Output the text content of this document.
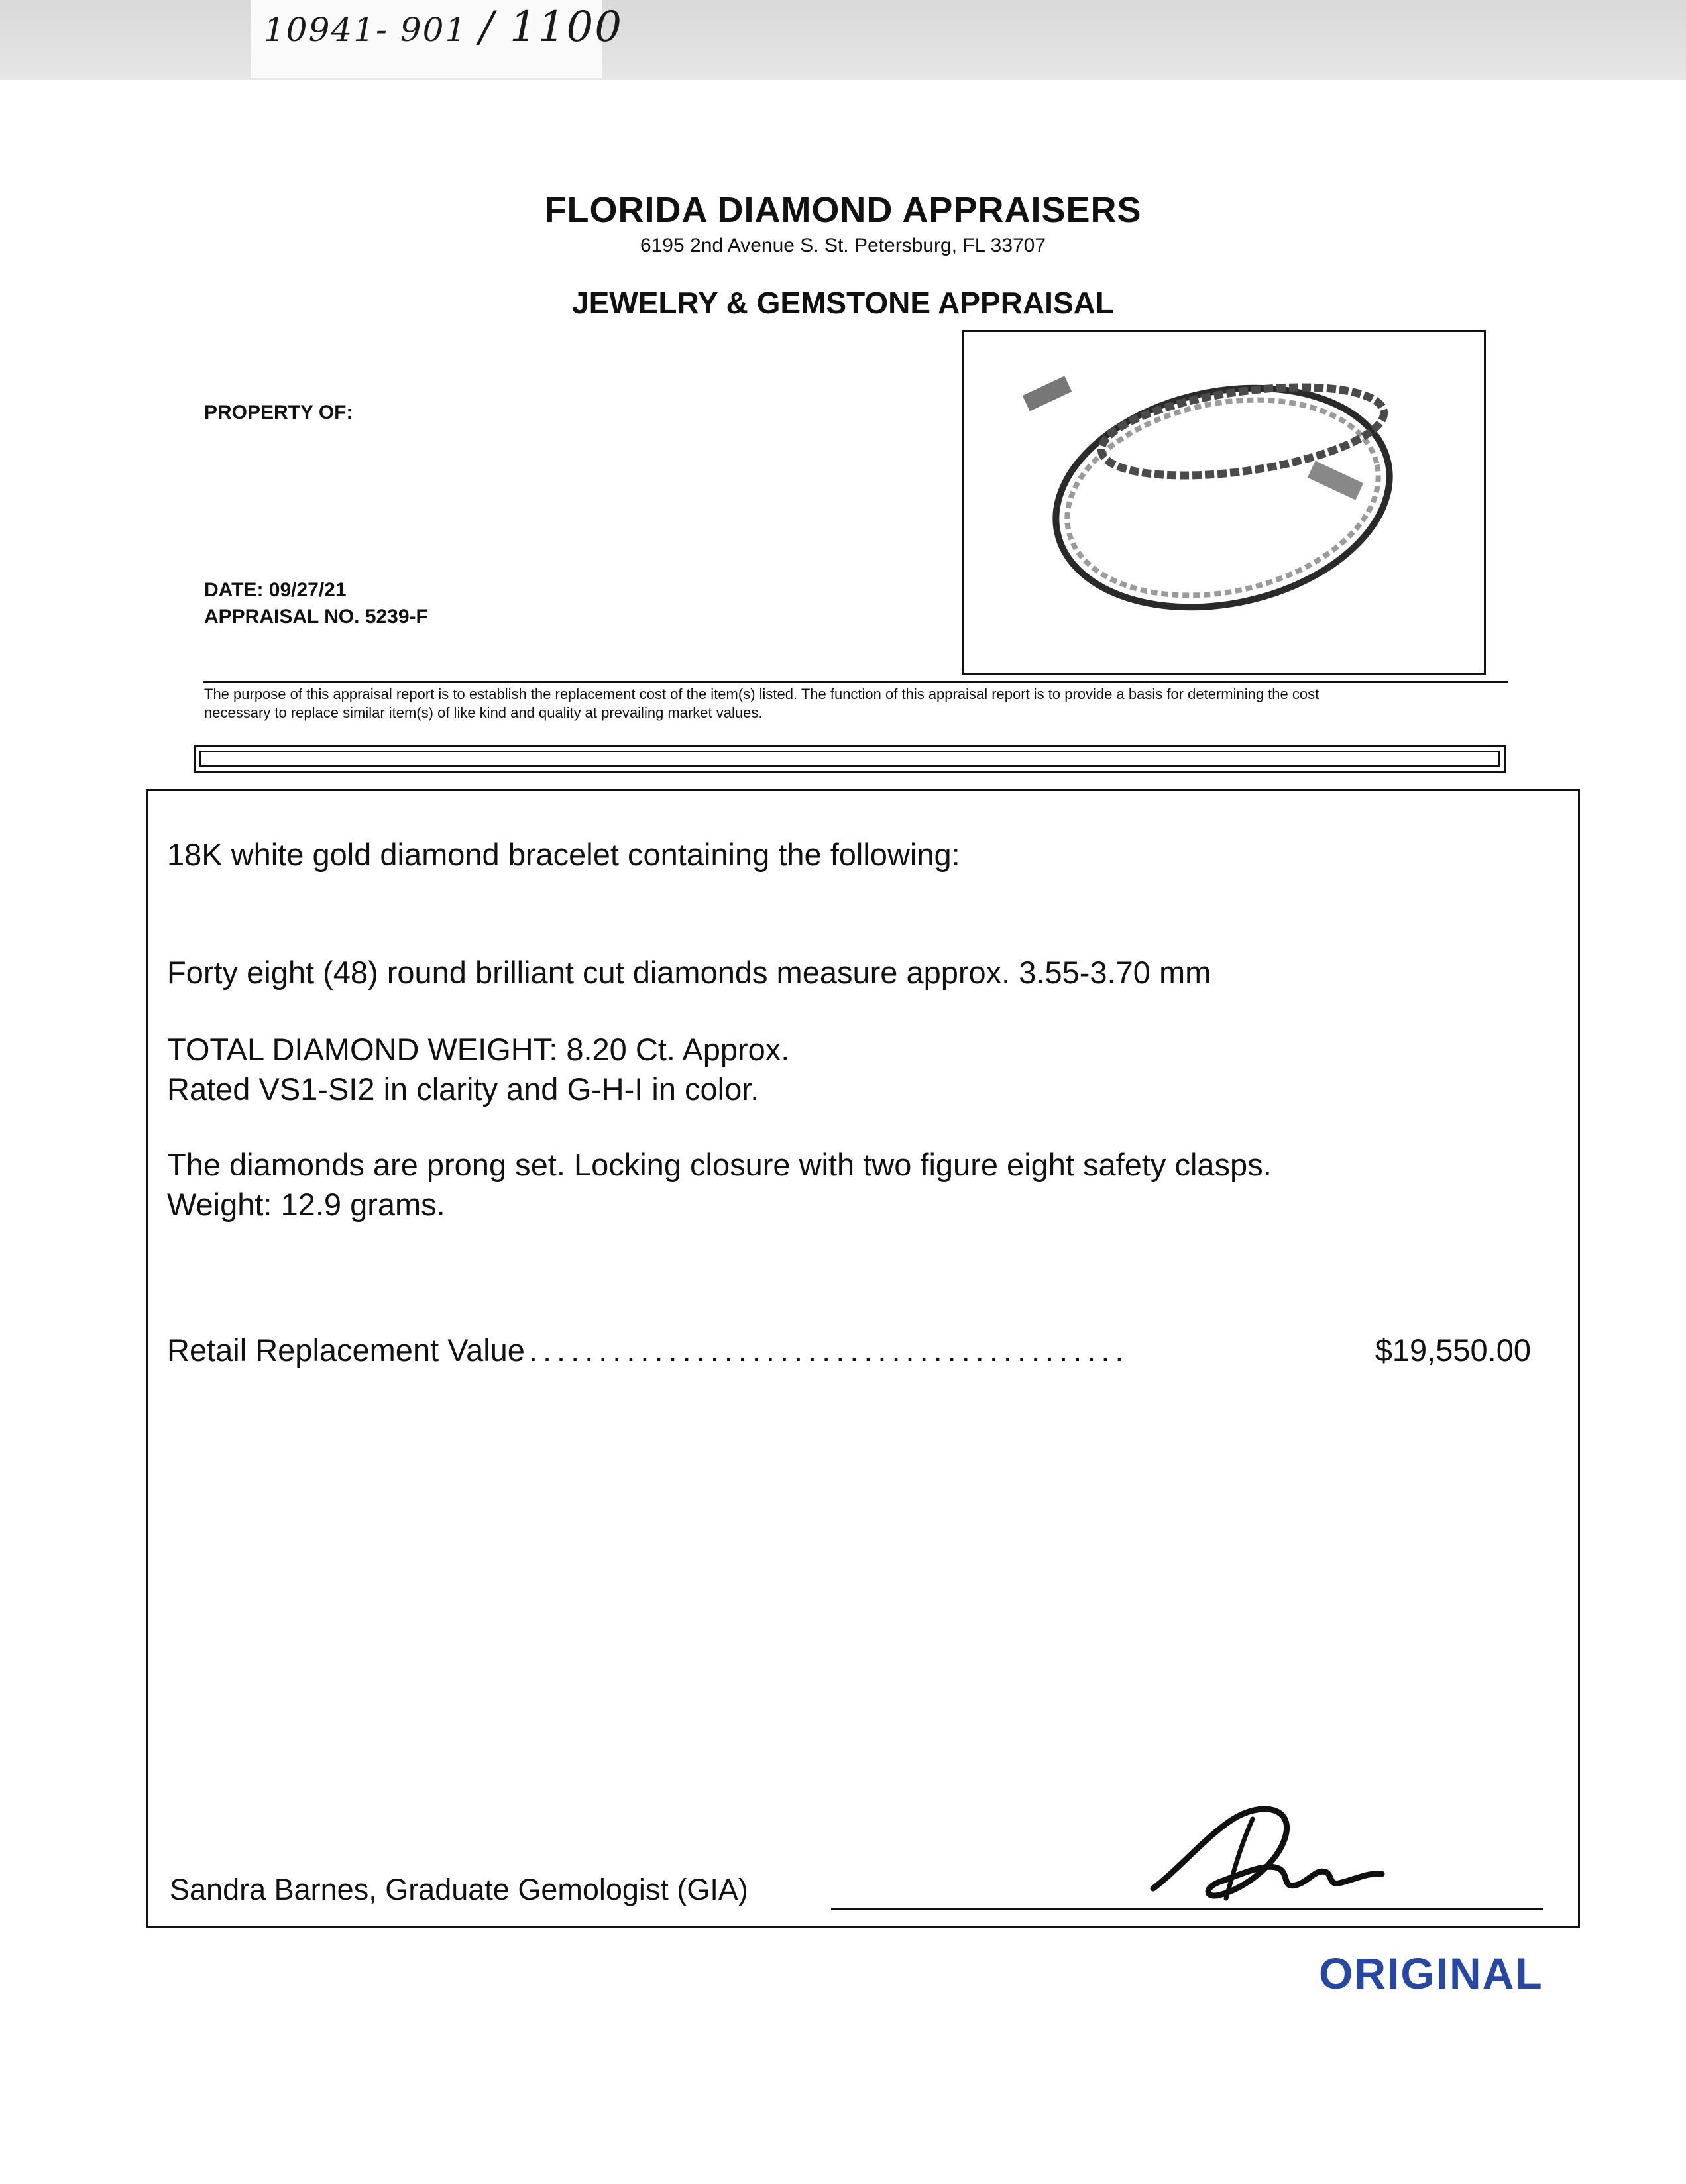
10941- 901 / 1100
FLORIDA DIAMOND APPRAISERS
6195 2nd Avenue S. St. Petersburg, FL 33707
JEWELRY & GEMSTONE APPRAISAL
PROPERTY OF:
DATE: 09/27/21
APPRAISAL NO. 5239-F
The purpose of this appraisal report is to establish the replacement cost of the item(s) listed. The function of this appraisal report is to provide a basis for determining the cost
necessary to replace similar item(s) of like kind and quality at prevailing market values.
18K white gold diamond bracelet containing the following:
Forty eight (48) round brilliant cut diamonds measure approx. 3.55-3.70 mm
TOTAL DIAMOND WEIGHT: 8.20 Ct. Approx.
Rated VS1-SI2 in clarity and G-H-I in color.
The diamonds are prong set. Locking closure with two figure eight safety clasps.
Weight: 12.9 grams.
Retail Replacement Value ...........................................	$19,550.00
Sandra Barnes, Graduate Gemologist (GIA)
ORIGINAL
